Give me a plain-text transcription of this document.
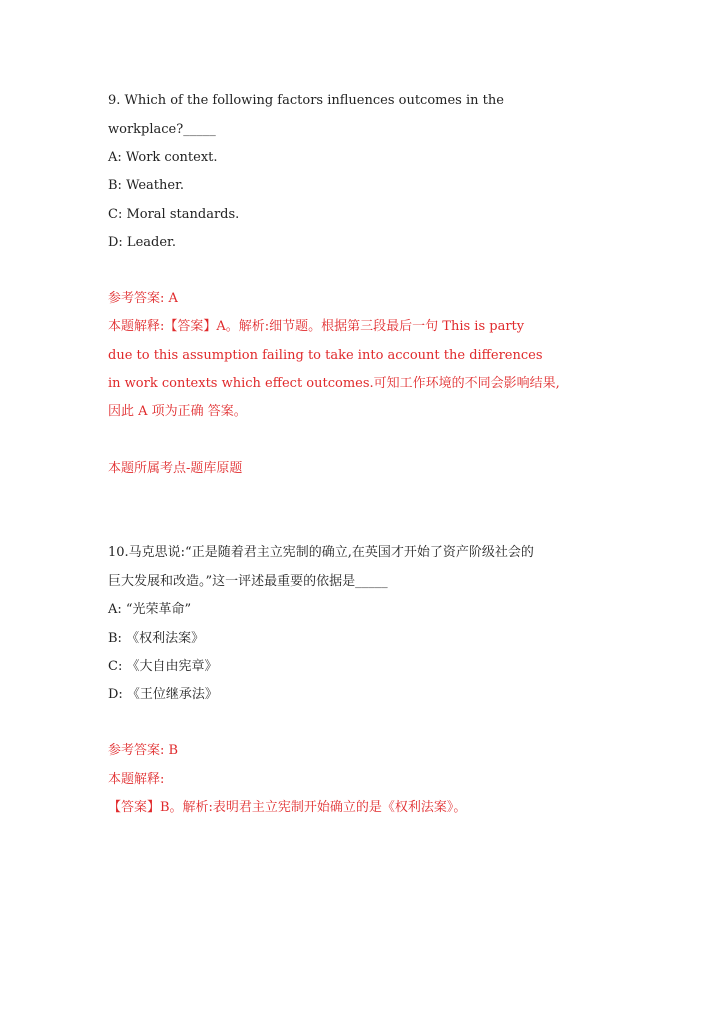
9. Which of the following factors influences outcomes in the
workplace?_____
A: Work context.
B: Weather.
C: Moral standards.
D: Leader.
参考答案: A
本题解释:【答案】A。解析:细节题。根据第三段最后一句 This is party
due to this assumption failing to take into account the differences
in work contexts which effect outcomes.可知工作环境的不同会影响结果,
因此 A 项为正确 答案。
本题所属考点-题库原题
10.马克思说:“正是随着君主立宪制的确立,在英国才开始了资产阶级社会的
巨大发展和改造。”这一评述最重要的依据是_____
A: “光荣革命”
B: 《权利法案》
C: 《大自由宪章》
D: 《王位继承法》
参考答案: B
本题解释:
【答案】B。解析:表明君主立宪制开始确立的是《权利法案》。
